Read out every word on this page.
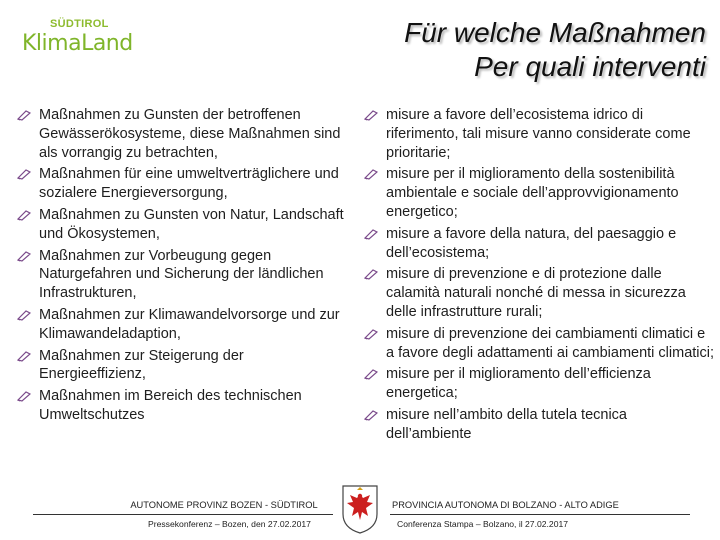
SÜDTIROL
KlimaLand	Für welche Maßnahmen
Per quali interventi
Maßnahmen zu Gunsten der betroffenen Gewässerökosysteme, diese Maßnahmen sind als vorrangig zu betrachten,
Maßnahmen für eine umweltverträglichere und sozialere Energieversorgung,
Maßnahmen zu Gunsten von Natur, Landschaft und Ökosystemen,
Maßnahmen zur Vorbeugung gegen Naturgefahren und Sicherung der ländlichen Infrastrukturen,
Maßnahmen zur Klimawandelvorsorge und zur Klimawandeladaption,
Maßnahmen zur Steigerung der Energieeffizienz,
Maßnahmen im Bereich des technischen Umweltschutzes
misure a favore dell’ecosistema idrico di riferimento, tali misure vanno considerate come prioritarie;
misure per il miglioramento della sostenibilità ambientale e sociale dell’approvvigionamento energetico;
misure a favore della natura, del paesaggio e dell’ecosistema;
misure di prevenzione e di protezione dalle calamità naturali nonché di messa in sicurezza delle infrastrutture rurali;
misure di prevenzione dei cambiamenti climatici e a favore degli adattamenti ai cambiamenti climatici;
misure per il miglioramento dell’efficienza energetica;
misure nell’ambito della tutela tecnica dell’ambiente
AUTONOME PROVINZ BOZEN - SÜDTIROL	PROVINCIA AUTONOMA DI BOLZANO - ALTO ADIGE
Pressekonferenz – Bozen, den 27.02.2017	Conferenza Stampa – Bolzano, il 27.02.2017
